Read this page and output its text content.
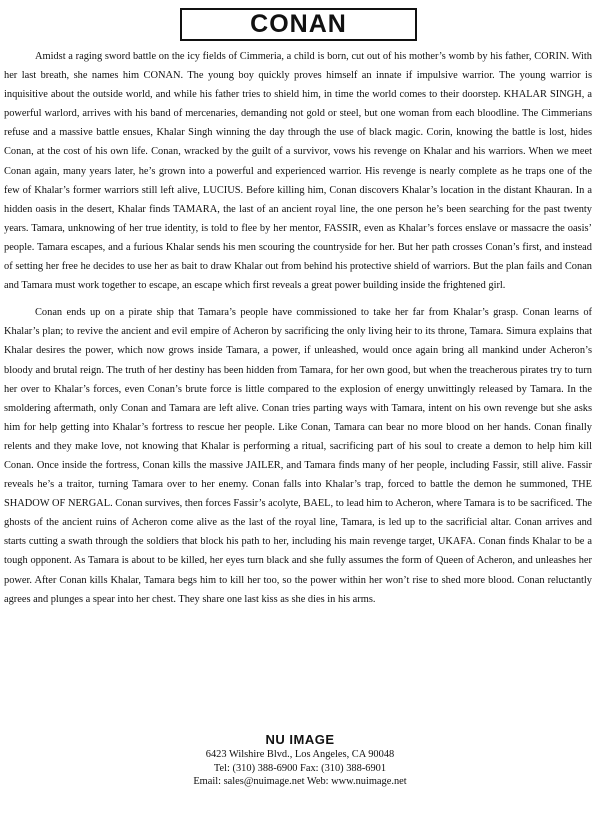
CONAN

Amidst a raging sword battle on the icy fields of Cimmeria, a child is born, cut out of his mother’s womb by his father, CORIN. With her last breath, she names him CONAN. The young boy quickly proves himself an innate if impulsive warrior. The young warrior is inquisitive about the outside world, and while his father tries to shield him, in time the world comes to their doorstep. KHALAR SINGH, a powerful warlord, arrives with his band of mercenaries, demanding not gold or steel, but one woman from each bloodline. The Cimmerians refuse and a massive battle ensues, Khalar Singh winning the day through the use of black magic. Corin, knowing the battle is lost, hides Conan, at the cost of his own life. Conan, wracked by the guilt of a survivor, vows his revenge on Khalar and his warriors. When we meet Conan again, many years later, he’s grown into a powerful and experienced warrior. His revenge is nearly complete as he traps one of the few of Khalar’s former warriors still left alive, LUCIUS. Before killing him, Conan discovers Khalar’s location in the distant Khauran. In a hidden oasis in the desert, Khalar finds TAMARA, the last of an ancient royal line, the one person he’s been searching for the past twenty years. Tamara, unknowing of her true identity, is told to flee by her mentor, FASSIR, even as Khalar’s forces enslave or massacre the oasis’ people. Tamara escapes, and a furious Khalar sends his men scouring the countryside for her. But her path crosses Conan’s first, and instead of setting her free he decides to use her as bait to draw Khalar out from behind his protective shield of warriors. But the plan fails and Conan and Tamara must work together to escape, an escape which first reveals a great power building inside the frightened girl.

Conan ends up on a pirate ship that Tamara’s people have commissioned to take her far from Khalar’s grasp. Conan learns of Khalar’s plan; to revive the ancient and evil empire of Acheron by sacrificing the only living heir to its throne, Tamara. Simura explains that Khalar desires the power, which now grows inside Tamara, a power, if unleashed, would once again bring all mankind under Acheron’s bloody and brutal reign. The truth of her destiny has been hidden from Tamara, for her own good, but when the treacherous pirates try to turn her over to Khalar’s forces, even Conan’s brute force is little compared to the explosion of energy unwittingly released by Tamara. In the smoldering aftermath, only Conan and Tamara are left alive. Conan tries parting ways with Tamara, intent on his own revenge but she asks him for help getting into Khalar’s fortress to rescue her people. Like Conan, Tamara can bear no more blood on her hands. Conan finally relents and they make love, not knowing that Khalar is performing a ritual, sacrificing part of his soul to create a demon to help him kill Conan. Once inside the fortress, Conan kills the massive JAILER, and Tamara finds many of her people, including Fassir, still alive. Fassir reveals he’s a traitor, turning Tamara over to her enemy. Conan falls into Khalar’s trap, forced to battle the demon he summoned, THE SHADOW OF NERGAL. Conan survives, then forces Fassir’s acolyte, BAEL, to lead him to Acheron, where Tamara is to be sacrificed. The ghosts of the ancient ruins of Acheron come alive as the last of the royal line, Tamara, is led up to the sacrificial altar. Conan arrives and starts cutting a swath through the soldiers that block his path to her, including his main revenge target, UKAFA. Conan finds Khalar to be a tough opponent. As Tamara is about to be killed, her eyes turn black and she fully assumes the form of Queen of Acheron, and unleashes her power. After Conan kills Khalar, Tamara begs him to kill her too, so the power within her won’t rise to shed more blood. Conan reluctantly agrees and plunges a spear into her chest. They share one last kiss as she dies in his arms.

NU IMAGE
6423 Wilshire Blvd., Los Angeles, CA 90048
Tel: (310) 388-6900 Fax: (310) 388-6901
Email: sales@nuimage.net Web: www.nuimage.net
